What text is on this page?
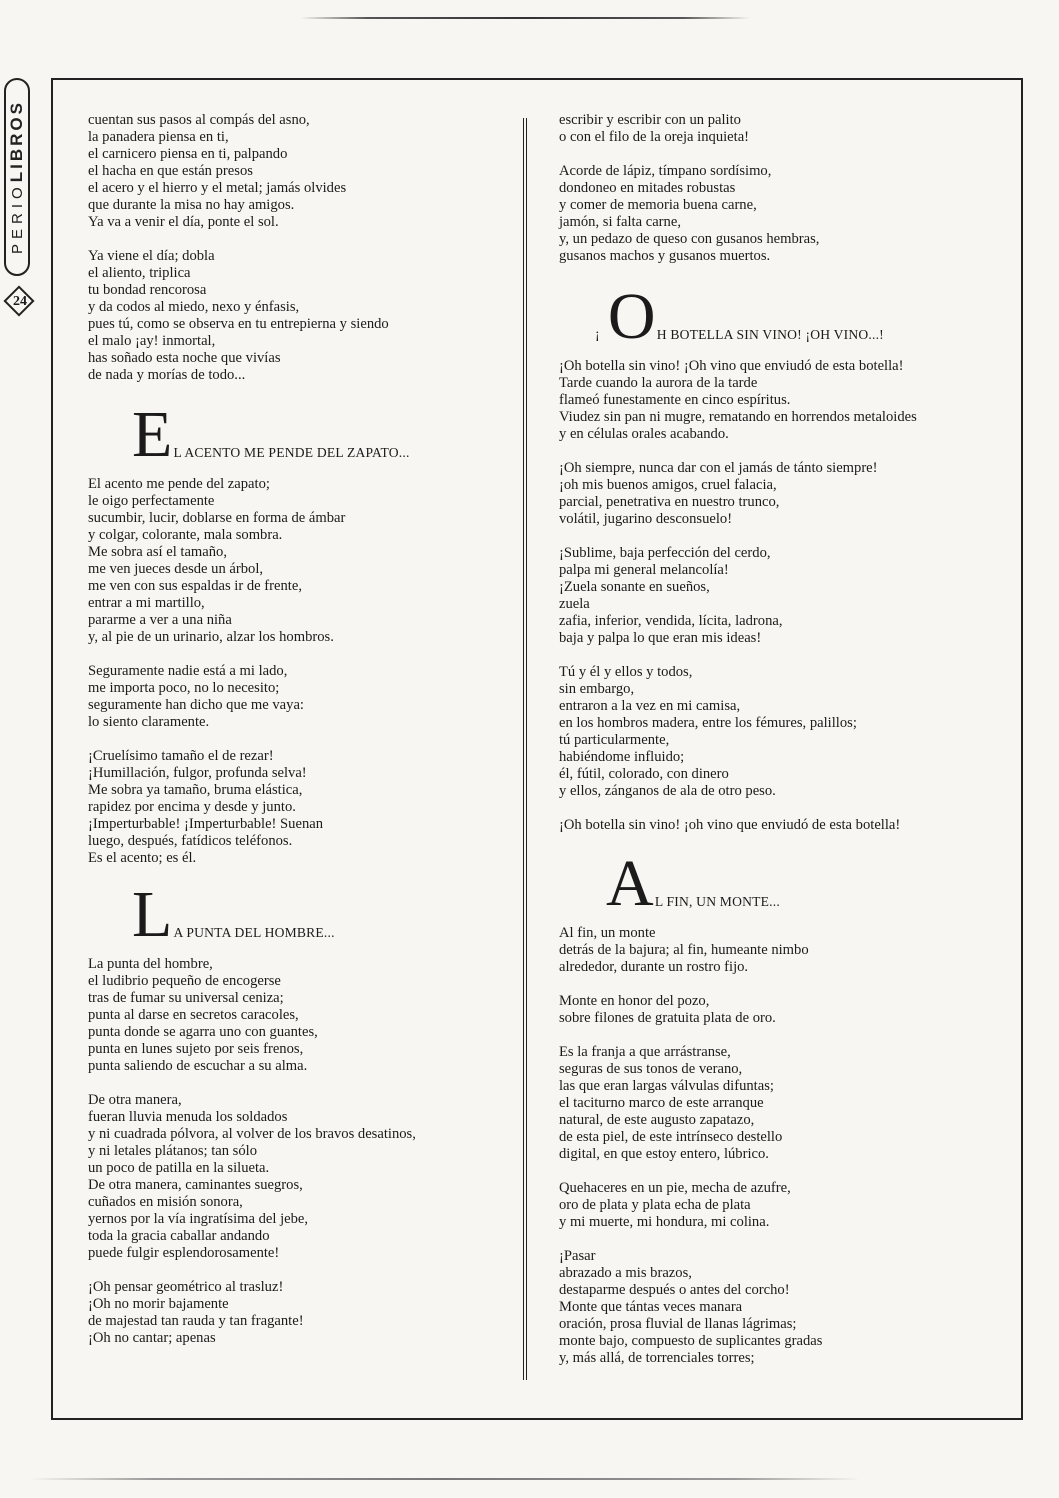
PERIOLIBROS
24
cuentan sus pasos al compás del asno,
la panadera piensa en ti,
el carnicero piensa en ti, palpando
el hacha en que están presos
el acero y el hierro y el metal; jamás olvides
que durante la misa no hay amigos.
Ya va a venir el día, ponte el sol.
Ya viene el día; dobla
el aliento, triplica
tu bondad rencorosa
y da codos al miedo, nexo y énfasis,
pues tú, como se observa en tu entrepierna y siendo
el malo ¡ay! inmortal,
has soñado esta noche que vivías
de nada y morías de todo...
E L ACENTO ME PENDE DEL ZAPATO...
El acento me pende del zapato;
le oigo perfectamente
sucumbir, lucir, doblarse en forma de ámbar
y colgar, colorante, mala sombra.
Me sobra así el tamaño,
me ven jueces desde un árbol,
me ven con sus espaldas ir de frente,
entrar a mi martillo,
pararme a ver a una niña
y, al pie de un urinario, alzar los hombros.
Seguramente nadie está a mi lado,
me importa poco, no lo necesito;
seguramente han dicho que me vaya:
lo siento claramente.
¡Cruelísimo tamaño el de rezar!
¡Humillación, fulgor, profunda selva!
Me sobra ya tamaño, bruma elástica,
rapidez por encima y desde y junto.
¡Imperturbable! ¡Imperturbable! Suenan
luego, después, fatídicos teléfonos.
Es el acento; es él.
L A PUNTA DEL HOMBRE...
La punta del hombre,
el ludibrio pequeño de encogerse
tras de fumar su universal ceniza;
punta al darse en secretos caracoles,
punta donde se agarra uno con guantes,
punta en lunes sujeto por seis frenos,
punta saliendo de escuchar a su alma.
De otra manera,
fueran lluvia menuda los soldados
y ni cuadrada pólvora, al volver de los bravos desatinos,
y ni letales plátanos; tan sólo
un poco de patilla en la silueta.
De otra manera, caminantes suegros,
cuñados en misión sonora,
yernos por la vía ingratísima del jebe,
toda la gracia caballar andando
puede fulgir esplendorosamente!
¡Oh pensar geométrico al trasluz!
¡Oh no morir bajamente
de majestad tan rauda y tan fragante!
¡Oh no cantar; apenas
escribir y escribir con un palito
o con el filo de la oreja inquieta!
Acorde de lápiz, tímpano sordísimo,
dondoneo en mitades robustas
y comer de memoria buena carne,
jamón, si falta carne,
y, un pedazo de queso con gusanos hembras,
gusanos machos y gusanos muertos.
¡ O H BOTELLA SIN VINO! ¡OH VINO...!
¡Oh botella sin vino! ¡Oh vino que enviudó de esta botella!
Tarde cuando la aurora de la tarde
flameó funestamente en cinco espíritus.
Viudez sin pan ni mugre, rematando en horrendos metaloides
y en células orales acabando.
¡Oh siempre, nunca dar con el jamás de tánto siempre!
¡oh mis buenos amigos, cruel falacia,
parcial, penetrativa en nuestro trunco,
volátil, jugarino desconsuelo!
¡Sublime, baja perfección del cerdo,
palpa mi general melancolía!
¡Zuela sonante en sueños,
zuela
zafia, inferior, vendida, lícita, ladrona,
baja y palpa lo que eran mis ideas!
Tú y él y ellos y todos,
sin embargo,
entraron a la vez en mi camisa,
en los hombros madera, entre los fémures, palillos;
tú particularmente,
habiéndome influido;
él, fútil, colorado, con dinero
y ellos, zánganos de ala de otro peso.
¡Oh botella sin vino! ¡oh vino que enviudó de esta botella!
A L FIN, UN MONTE...
Al fin, un monte
detrás de la bajura; al fin, humeante nimbo
alrededor, durante un rostro fijo.
Monte en honor del pozo,
sobre filones de gratuita plata de oro.
Es la franja a que arrástranse,
seguras de sus tonos de verano,
las que eran largas válvulas difuntas;
el taciturno marco de este arranque
natural, de este augusto zapatazo,
de esta piel, de este intrínseco destello
digital, en que estoy entero, lúbrico.
Quehaceres en un pie, mecha de azufre,
oro de plata y plata echa de plata
y mi muerte, mi hondura, mi colina.
¡Pasar
abrazado a mis brazos,
destaparme después o antes del corcho!
Monte que tántas veces manara
oración, prosa fluvial de llanas lágrimas;
monte bajo, compuesto de suplicantes gradas
y, más allá, de torrenciales torres;
